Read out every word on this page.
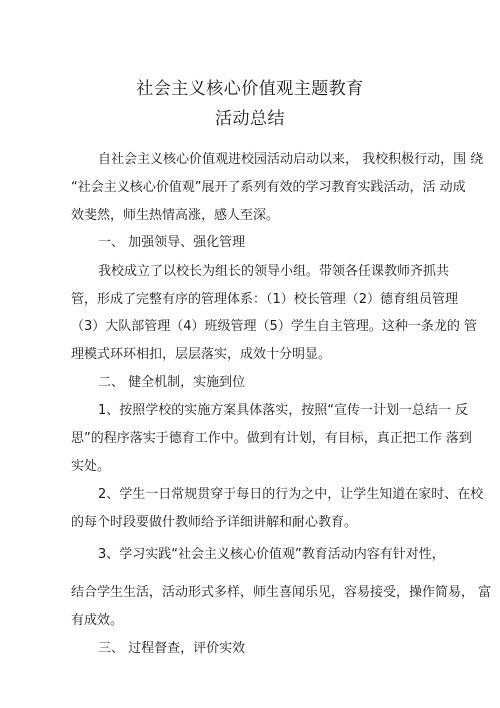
社会主义核心价值观主题教育
活动总结
自社会主义核心价值观进校园活动启动以来， 我校积极行动，围 绕
“社会主义核心价值观”展开了系列有效的学习教育实践活动，活 动成
效斐然，师生热情高涨，感人至深。
一、 加强领导、强化管理
我校成立了以校长为组长的领导小组。带领各任课教师齐抓共
管，形成了完整有序的管理体系：（1）校长管理（2）德育组员管理
（3）大队部管理（4）班级管理（5）学生自主管理。这种一条龙的 管
理模式环环相扣，层层落实，成效十分明显。
二、 健全机制，实施到位
1、按照学校的实施方案具体落实，按照“宣传一计划一总结一 反
思”的程序落实于德育工作中。做到有计划，有目标，真正把工作 落到
实处。
2、学生一日常规贯穿于每日的行为之中，让学生知道在家时、在校
的每个时段要做什教师给予详细讲解和耐心教育。
3、学习实践“社会主义核心价值观”教育活动内容有针对性，
结合学生生活，活动形式多样，师生喜闻乐见，容易接受，操作简易， 富
有成效。
三、 过程督查，评价实效
